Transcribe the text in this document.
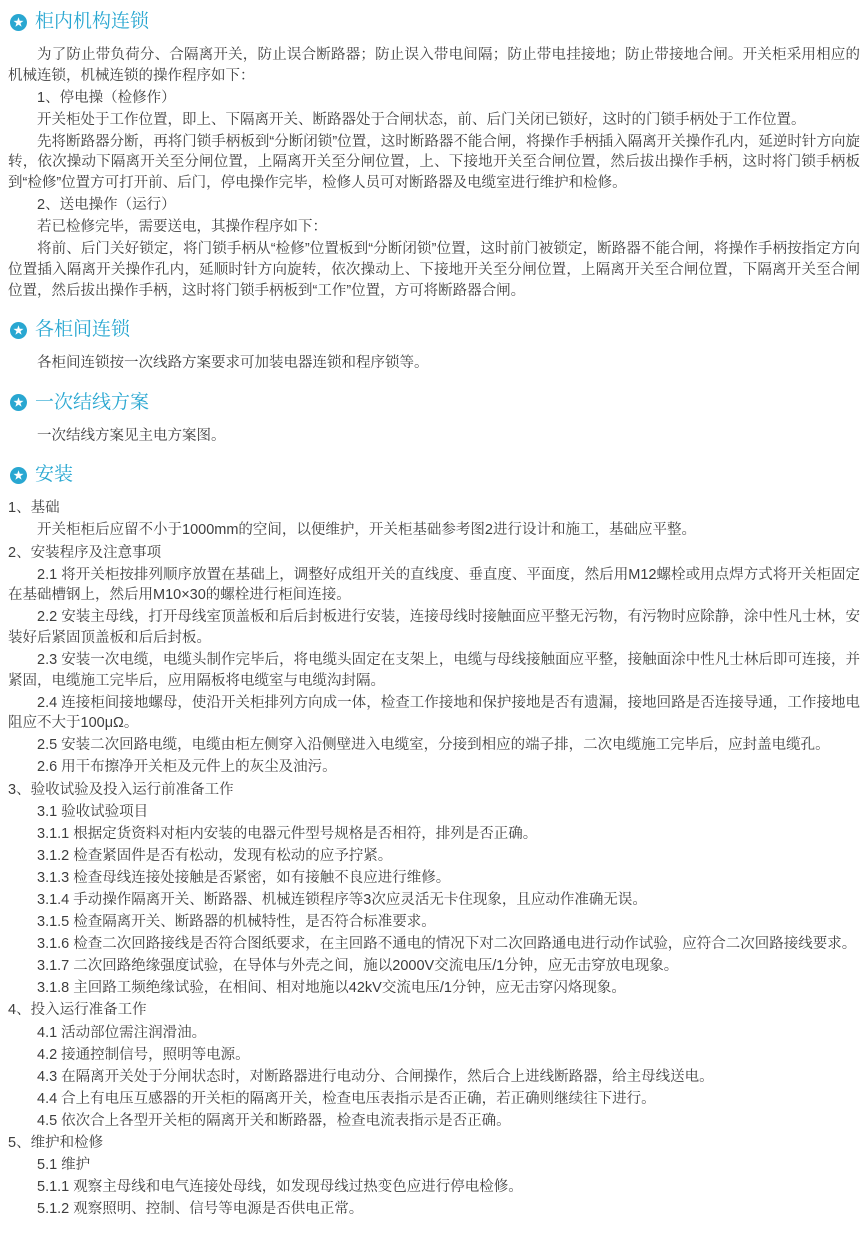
柜内机构连锁

为了防止带负荷分、合隔离开关，防止误合断路器；防止误入带电间隔；防止带电挂接地；防止带接地合闸。开关柜采用相应的机械连锁，机械连锁的操作程序如下：

1、停电操（检修作）

开关柜处于工作位置，即上、下隔离开关、断路器处于合闸状态，前、后门关闭已锁好，这时的门锁手柄处于工作位置。

先将断路器分断，再将门锁手柄板到“分断闭锁”位置，这时断路器不能合闸，将操作手柄插入隔离开关操作孔内，延逆时针方向旋转，依次操动下隔离开关至分闸位置，上隔离开关至分闸位置，上、下接地开关至合闸位置，然后拔出操作手柄，这时将门锁手柄板到“检修”位置方可打开前、后门，停电操作完毕，检修人员可对断路器及电缆室进行维护和检修。

2、送电操作（运行）

若已检修完毕，需要送电，其操作程序如下：

将前、后门关好锁定，将门锁手柄从“检修”位置板到“分断闭锁”位置，这时前门被锁定，断路器不能合闸，将操作手柄按指定方向位置插入隔离开关操作孔内，延顺时针方向旋转，依次操动上、下接地开关至分闸位置，上隔离开关至合闸位置，下隔离开关至合闸位置，然后拔出操作手柄，这时将门锁手柄板到“工作”位置，方可将断路器合闸。

各柜间连锁

各柜间连锁按一次线路方案要求可加装电器连锁和程序锁等。

一次结线方案

一次结线方案见主电方案图。

安装

1、基础

开关柜柜后应留不小于1000mm的空间，以便维护，开关柜基础参考图2进行设计和施工，基础应平整。

2、安装程序及注意事项

2.1 将开关柜按排列顺序放置在基础上，调整好成组开关的直线度、垂直度、平面度，然后用M12螺栓或用点焊方式将开关柜固定在基础槽钢上，然后用M10×30的螺栓进行柜间连接。

2.2 安装主母线，打开母线室顶盖板和后后封板进行安装，连接母线时接触面应平整无污物，有污物时应除静，涂中性凡士林，安装好后紧固顶盖板和后后封板。

2.3 安装一次电缆，电缆头制作完毕后，将电缆头固定在支架上，电缆与母线接触面应平整，接触面涂中性凡士林后即可连接，并紧固，电缆施工完毕后，应用隔板将电缆室与电缆沟封隔。

2.4 连接柜间接地螺母，使沿开关柜排列方向成一体，检查工作接地和保护接地是否有遗漏，接地回路是否连接导通，工作接地电阻应不大于100μΩ。

2.5 安装二次回路电缆，电缆由柜左侧穿入沿侧壁进入电缆室，分接到相应的端子排，二次电缆施工完毕后，应封盖电缆孔。

2.6 用干布擦净开关柜及元件上的灰尘及油污。

3、验收试验及投入运行前准备工作

3.1 验收试验项目

3.1.1 根据定货资料对柜内安装的电器元件型号规格是否相符，排列是否正确。

3.1.2 检查紧固件是否有松动，发现有松动的应予拧紧。

3.1.3 检查母线连接处接触是否紧密，如有接触不良应进行维修。

3.1.4 手动操作隔离开关、断路器、机械连锁程序等3次应灵活无卡住现象，且应动作准确无误。

3.1.5 检查隔离开关、断路器的机械特性，是否符合标准要求。

3.1.6 检查二次回路接线是否符合图纸要求，在主回路不通电的情况下对二次回路通电进行动作试验，应符合二次回路接线要求。

3.1.7 二次回路绝缘强度试验，在导体与外壳之间，施以2000V交流电压/1分钟，应无击穿放电现象。

3.1.8 主回路工频绝缘试验，在相间、相对地施以42kV交流电压/1分钟，应无击穿闪烙现象。

4、投入运行准备工作

4.1 活动部位需注润滑油。

4.2 接通控制信号，照明等电源。

4.3 在隔离开关处于分闸状态时，对断路器进行电动分、合闸操作，然后合上进线断路器，给主母线送电。

4.4 合上有电压互感器的开关柜的隔离开关，检查电压表指示是否正确，若正确则继续往下进行。

4.5 依次合上各型开关柜的隔离开关和断路器，检查电流表指示是否正确。

5、维护和检修

5.1 维护

5.1.1 观察主母线和电气连接处母线，如发现母线过热变色应进行停电检修。

5.1.2 观察照明、控制、信号等电源是否供电正常。
